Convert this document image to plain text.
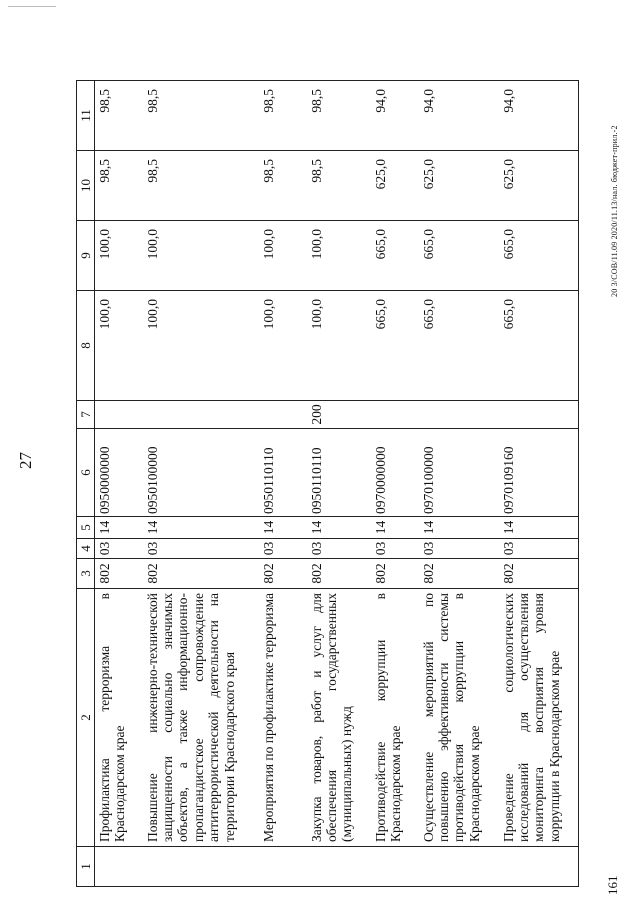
27
1	2	3	4	5	6	7	8	9	10	11
	Профилактика терроризма в Краснодарском крае	802	03	14	0950000000		100,0	100,0	98,5	98,5
	Повышение инженерно-технической защищенности социально значимых объектов, а также информационно-пропагандистское сопровождение антитеррористической деятельности на территории Краснодарского края	802	03	14	0950100000		100,0	100,0	98,5	98,5
	Мероприятия по профилактике терроризма	802	03	14	0950110110		100,0	100,0	98,5	98,5
	Закупка товаров, работ и услуг для обеспечения государственных (муниципальных) нужд	802	03	14	0950110110	200	100,0	100,0	98,5	98,5
	Противодействие коррупции в Краснодарском крае	802	03	14	0970000000		665,0	665,0	625,0	94,0
	Осуществление мероприятий по повышению эффективности системы противодействия коррупции в Краснодарском крае	802	03	14	0970100000		665,0	665,0	625,0	94,0
	Проведение социологических исследований для осуществления мониторинга восприятия уровня коррупции в Краснодарском крае	802	03	14	0970109160		665,0	665,0	625,0	94,0
161
20 3/СОВ/11.09 2020/11.13/нал. бюджет-прил.-2
